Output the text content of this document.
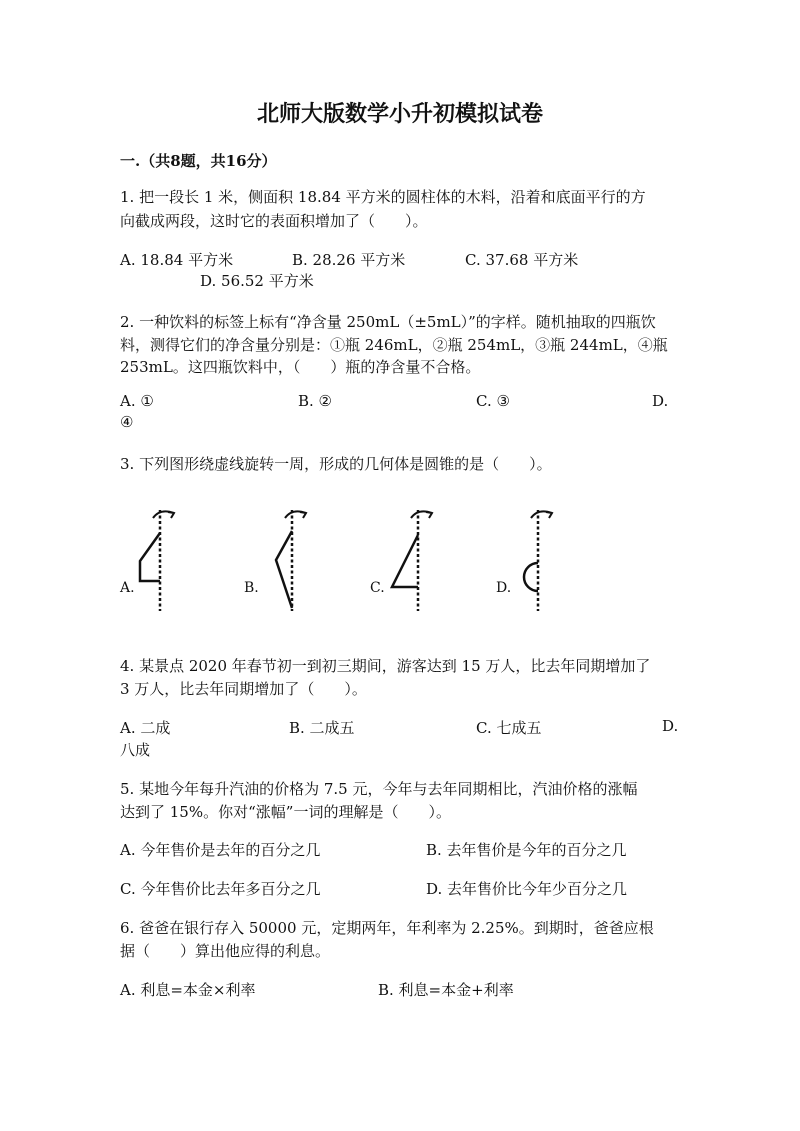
北师大版数学小升初模拟试卷
一.（共8题，共16分）
1. 把一段长 1 米，侧面积 18.84 平方米的圆柱体的木料，沿着和底面平行的方
向截成两段，这时它的表面积增加了（　　）。
A. 18.84 平方米	B. 28.26 平方米	C. 37.68 平方米
D. 56.52 平方米
2. 一种饮料的标签上标有“净含量 250mL（±5mL）”的字样。随机抽取的四瓶饮
料，测得它们的净含量分别是：①瓶 246mL，②瓶 254mL，③瓶 244mL，④瓶
253mL。这四瓶饮料中，（　　）瓶的净含量不合格。
A. ①	B. ②	C. ③	D.
④
3. 下列图形绕虚线旋转一周，形成的几何体是圆锥的是（　　）。
A.	B.	C.	D.
4. 某景点 2020 年春节初一到初三期间，游客达到 15 万人，比去年同期增加了
3 万人，比去年同期增加了（　　）。
A. 二成	B. 二成五	C. 七成五	D.
八成
5. 某地今年每升汽油的价格为 7.5 元，今年与去年同期相比，汽油价格的涨幅
达到了 15%。你对“涨幅”一词的理解是（　　）。
A. 今年售价是去年的百分之几	B. 去年售价是今年的百分之几
C. 今年售价比去年多百分之几	D. 去年售价比今年少百分之几
6. 爸爸在银行存入 50000 元，定期两年，年利率为 2.25%。到期时，爸爸应根
据（　　）算出他应得的利息。
A. 利息=本金×利率	B. 利息=本金+利率
